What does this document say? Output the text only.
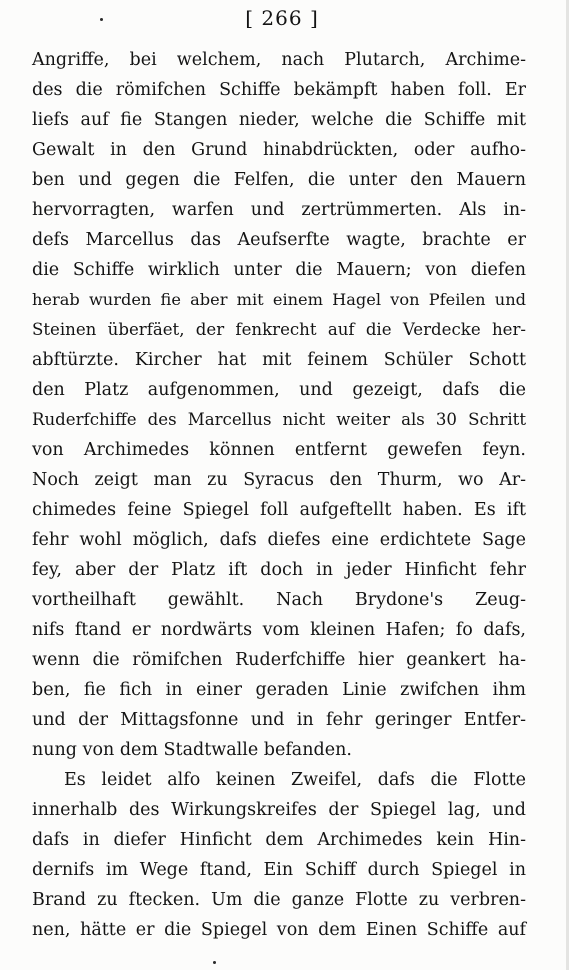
[ 266 ]
Angriffe, bei welchem, nach Plutarch, Archime-
des die römifchen Schiffe bekämpft haben foll. Er
liefs auf fie Stangen nieder, welche die Schiffe mit
Gewalt in den Grund hinabdrückten, oder aufho-
ben und gegen die Felfen, die unter den Mauern
hervorragten, warfen und zertrümmerten. Als in-
defs Marcellus das Aeufserfte wagte, brachte er
die Schiffe wirklich unter die Mauern; von diefen
herab wurden fie aber mit einem Hagel von Pfeilen und
Steinen überfäet, der fenkrecht auf die Verdecke her-
abftürzte. Kircher hat mit feinem Schüler Schott
den Platz aufgenommen, und gezeigt, dafs die
Ruderfchiffe des Marcellus nicht weiter als 30 Schritt
von Archimedes können entfernt gewefen feyn.
Noch zeigt man zu Syracus den Thurm, wo Ar-
chimedes feine Spiegel foll aufgeftellt haben. Es ift
fehr wohl möglich, dafs diefes eine erdichtete Sage
fey, aber der Platz ift doch in jeder Hinficht fehr
vortheilhaft gewählt. Nach Brydone's Zeug-
nifs ftand er nordwärts vom kleinen Hafen; fo dafs,
wenn die römifchen Ruderfchiffe hier geankert ha-
ben, fie fich in einer geraden Linie zwifchen ihm
und der Mittagsfonne und in fehr geringer Entfer-
nung von dem Stadtwalle befanden.
Es leidet alfo keinen Zweifel, dafs die Flotte
innerhalb des Wirkungskreifes der Spiegel lag, und
dafs in diefer Hinficht dem Archimedes kein Hin-
dernifs im Wege ftand, Ein Schiff durch Spiegel in
Brand zu ftecken. Um die ganze Flotte zu verbren-
nen, hätte er die Spiegel von dem Einen Schiffe auf
